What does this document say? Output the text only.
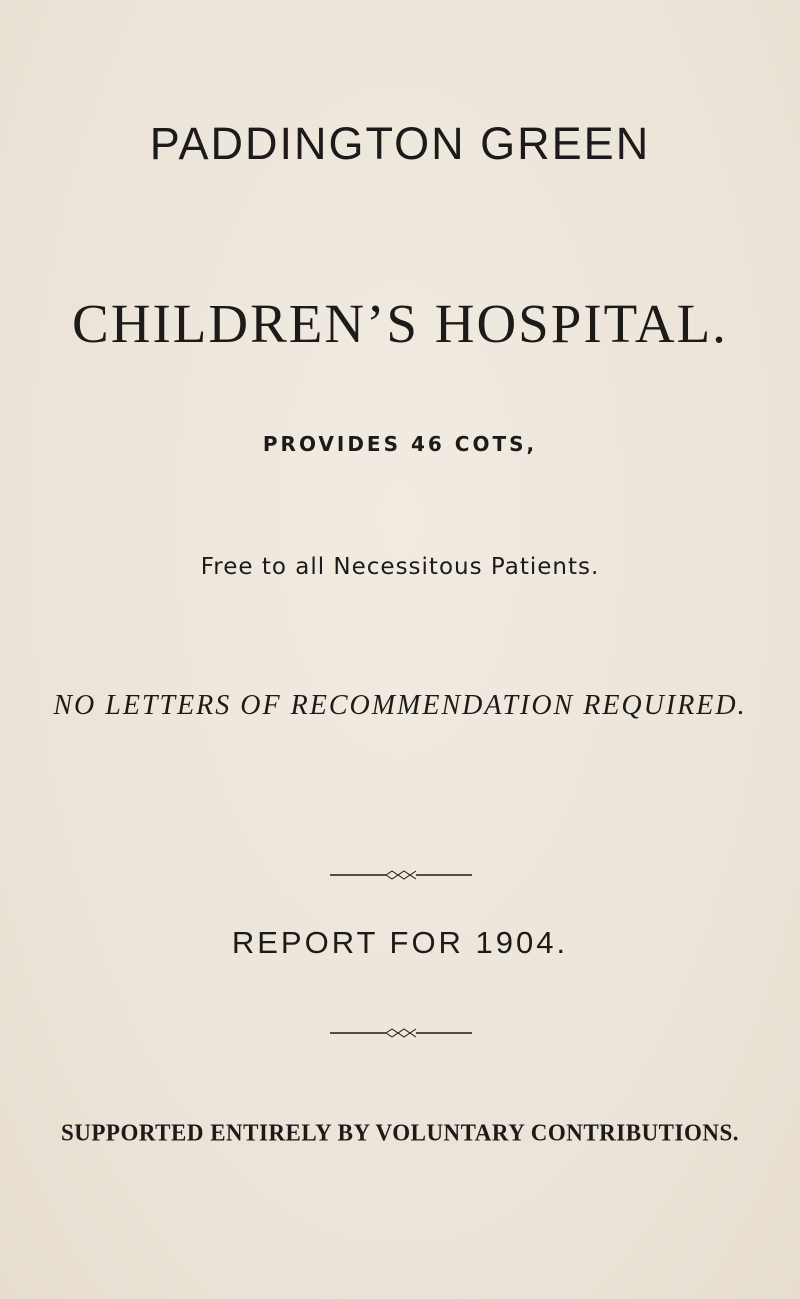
PADDINGTON GREEN
CHILDREN’S HOSPITAL.
PROVIDES 46 COTS,
Free to all Necessitous Patients.
NO LETTERS OF RECOMMENDATION REQUIRED.
REPORT FOR 1904.
SUPPORTED ENTIRELY BY VOLUNTARY CONTRIBUTIONS.
